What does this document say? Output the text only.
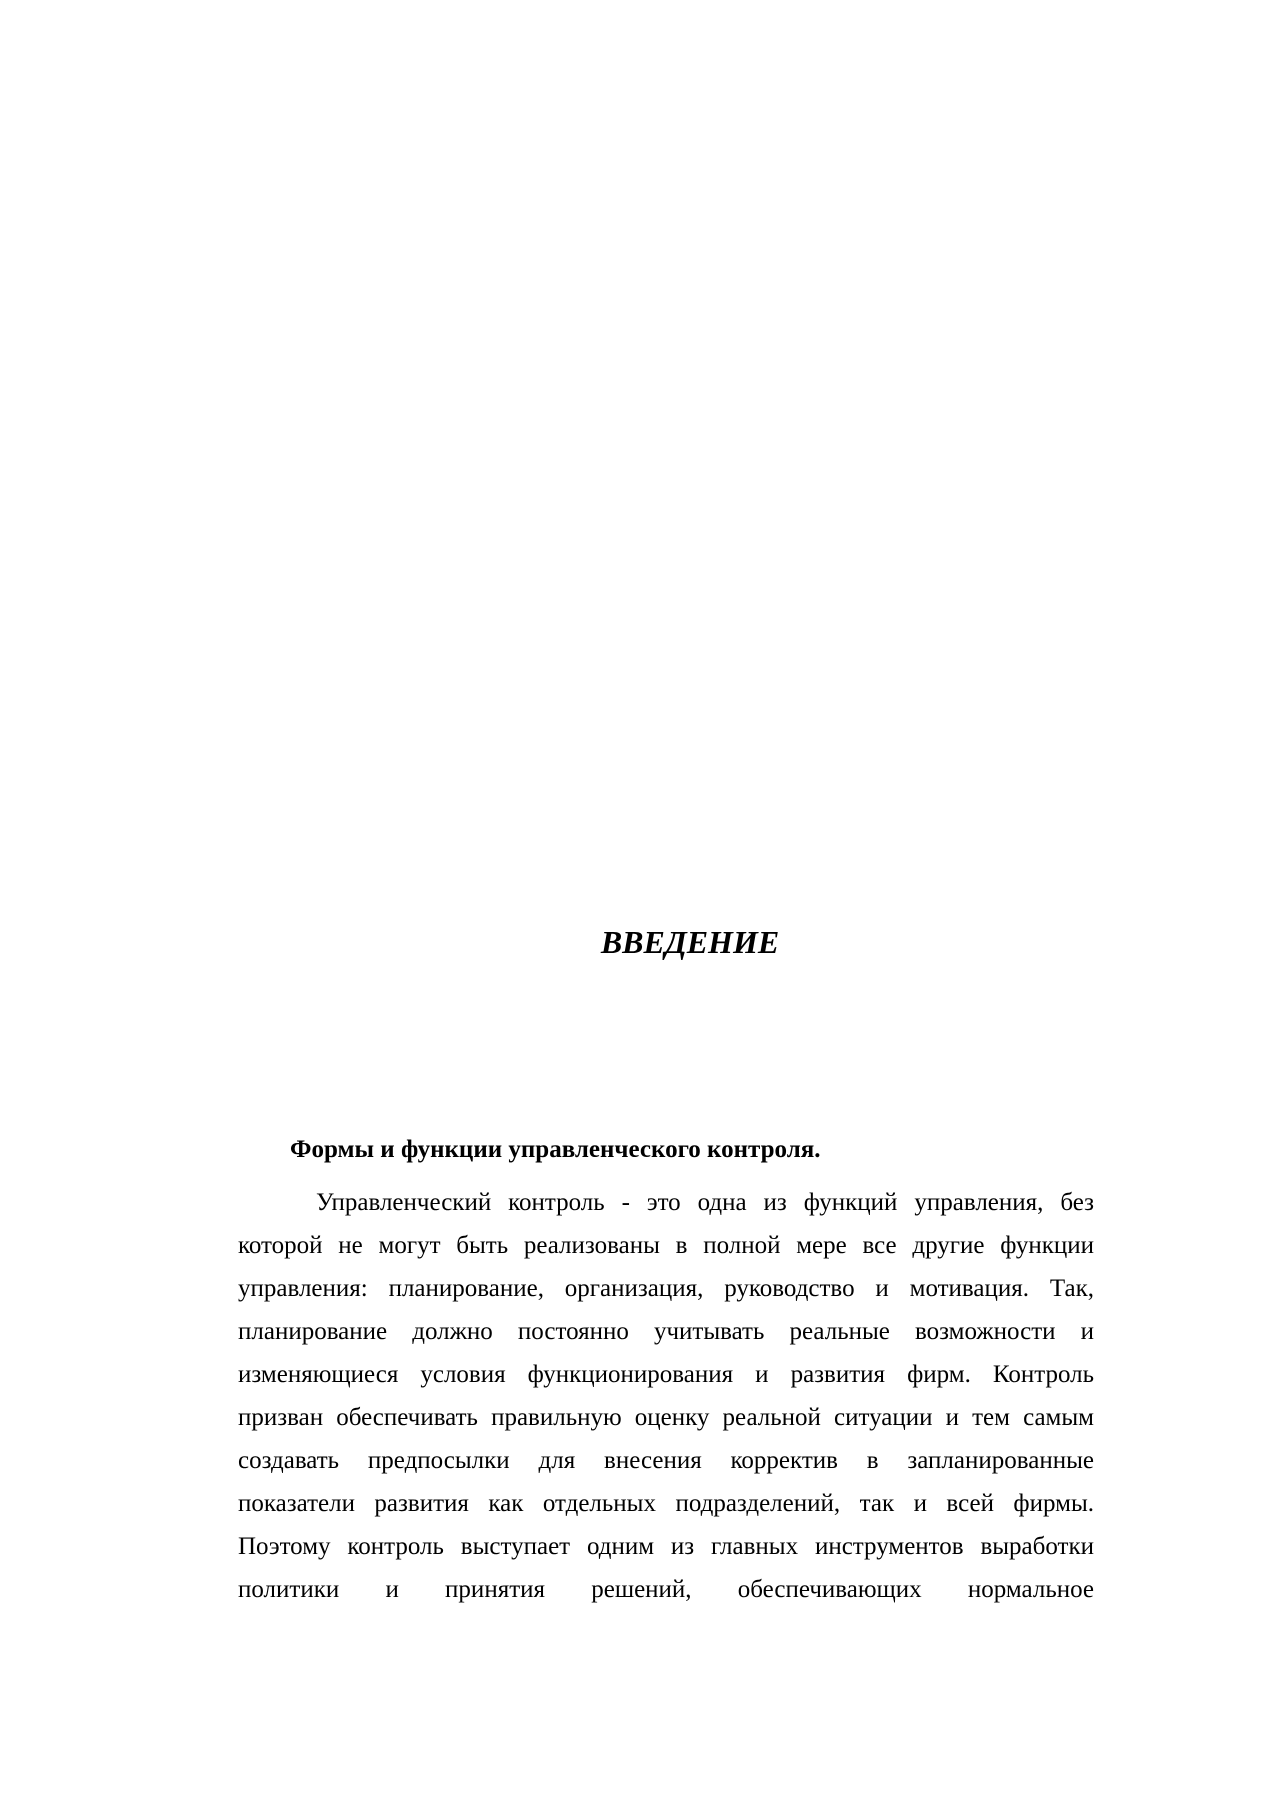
ВВЕДЕНИЕ
Формы и функции управленческого контроля.
Управленческий контроль - это одна из функций управления, без
которой не могут быть реализованы в полной мере все другие функции
управления: планирование, организация, руководство и мотивация. Так,
планирование должно постоянно учитывать реальные возможности и
изменяющиеся условия функционирования и развития фирм. Контроль
призван обеспечивать правильную оценку реальной ситуации и тем самым
создавать предпосылки для внесения корректив в запланированные
показатели развития как отдельных подразделений, так и всей фирмы.
Поэтому контроль выступает одним из главных инструментов выработки
политики и принятия решений, обеспечивающих нормальное
